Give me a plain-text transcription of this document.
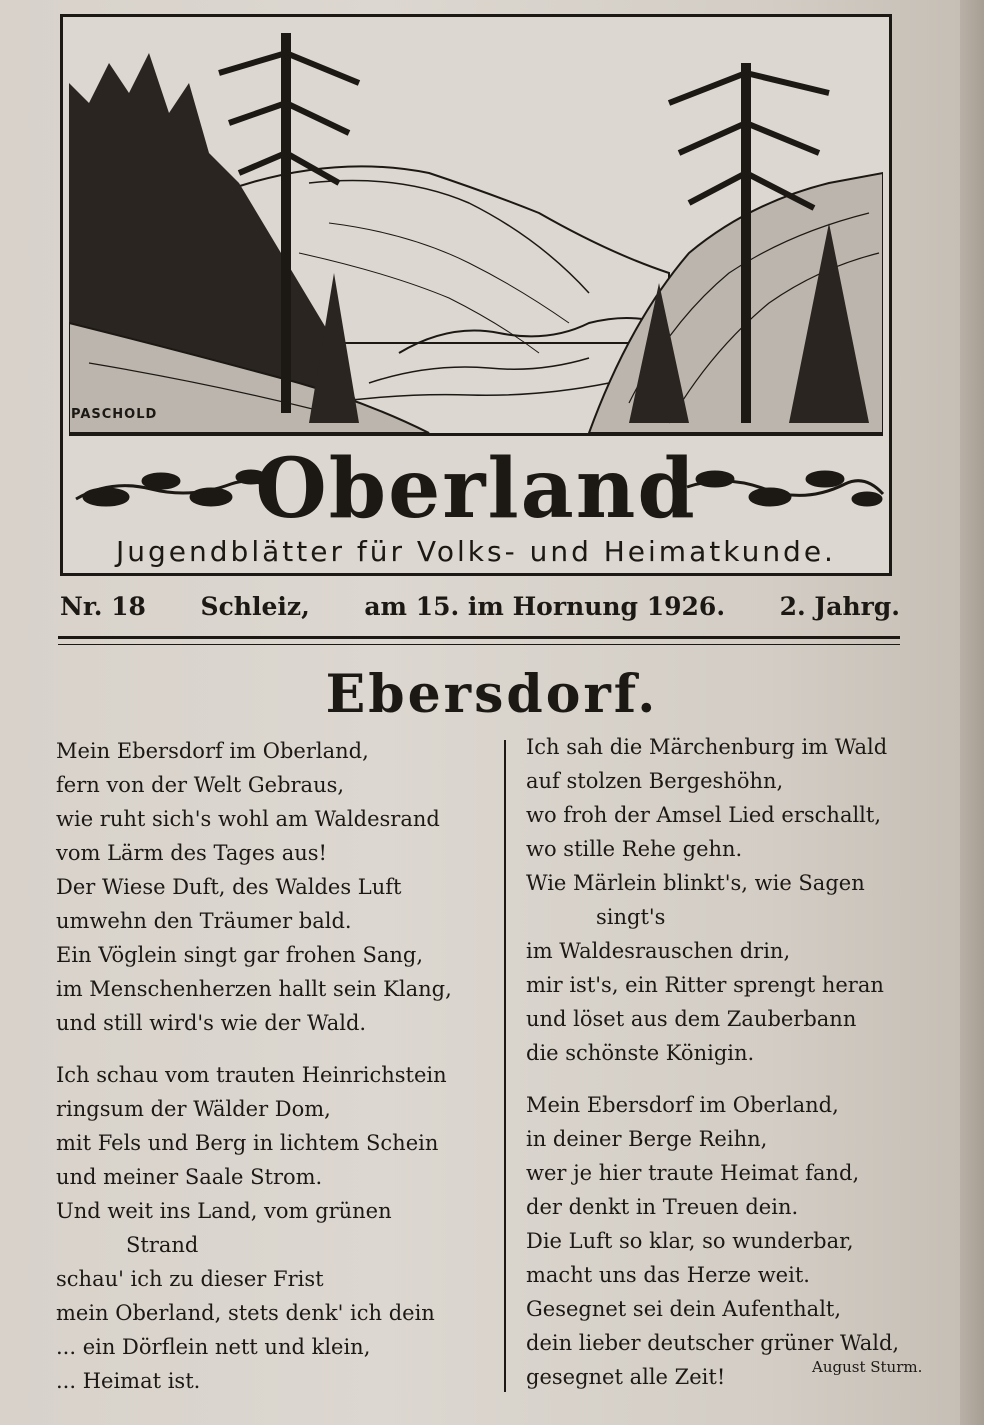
PASCHOLD
Oberland
Jugendblätter für Volks- und Heimatkunde.
Nr. 18 Schleiz, am 15. im Hornung 1926. 2. Jahrg.
Ebersdorf.
Mein Ebersdorf im Oberland,
fern von der Welt Gebraus,
wie ruht sich's wohl am Waldesrand
vom Lärm des Tages aus!
Der Wiese Duft, des Waldes Luft
umwehn den Träumer bald.
Ein Vöglein singt gar frohen Sang,
im Menschenherzen hallt sein Klang,
und still wird's wie der Wald.
Ich schau vom trauten Heinrichstein
ringsum der Wälder Dom,
mit Fels und Berg in lichtem Schein
und meiner Saale Strom.
Und weit ins Land, vom grünen
Strand
schau' ich zu dieser Frist
mein Oberland, stets denk' ich dein
... ein Dörflein nett und klein,
... Heimat ist.
Ich sah die Märchenburg im Wald
auf stolzen Bergeshöhn,
wo froh der Amsel Lied erschallt,
wo stille Rehe gehn.
Wie Märlein blinkt's, wie Sagen
singt's
im Waldesrauschen drin,
mir ist's, ein Ritter sprengt heran
und löset aus dem Zauberbann
die schönste Königin.
Mein Ebersdorf im Oberland,
in deiner Berge Reihn,
wer je hier traute Heimat fand,
der denkt in Treuen dein.
Die Luft so klar, so wunderbar,
macht uns das Herze weit.
Gesegnet sei dein Aufenthalt,
dein lieber deutscher grüner Wald,
gesegnet alle Zeit!	August Sturm.
